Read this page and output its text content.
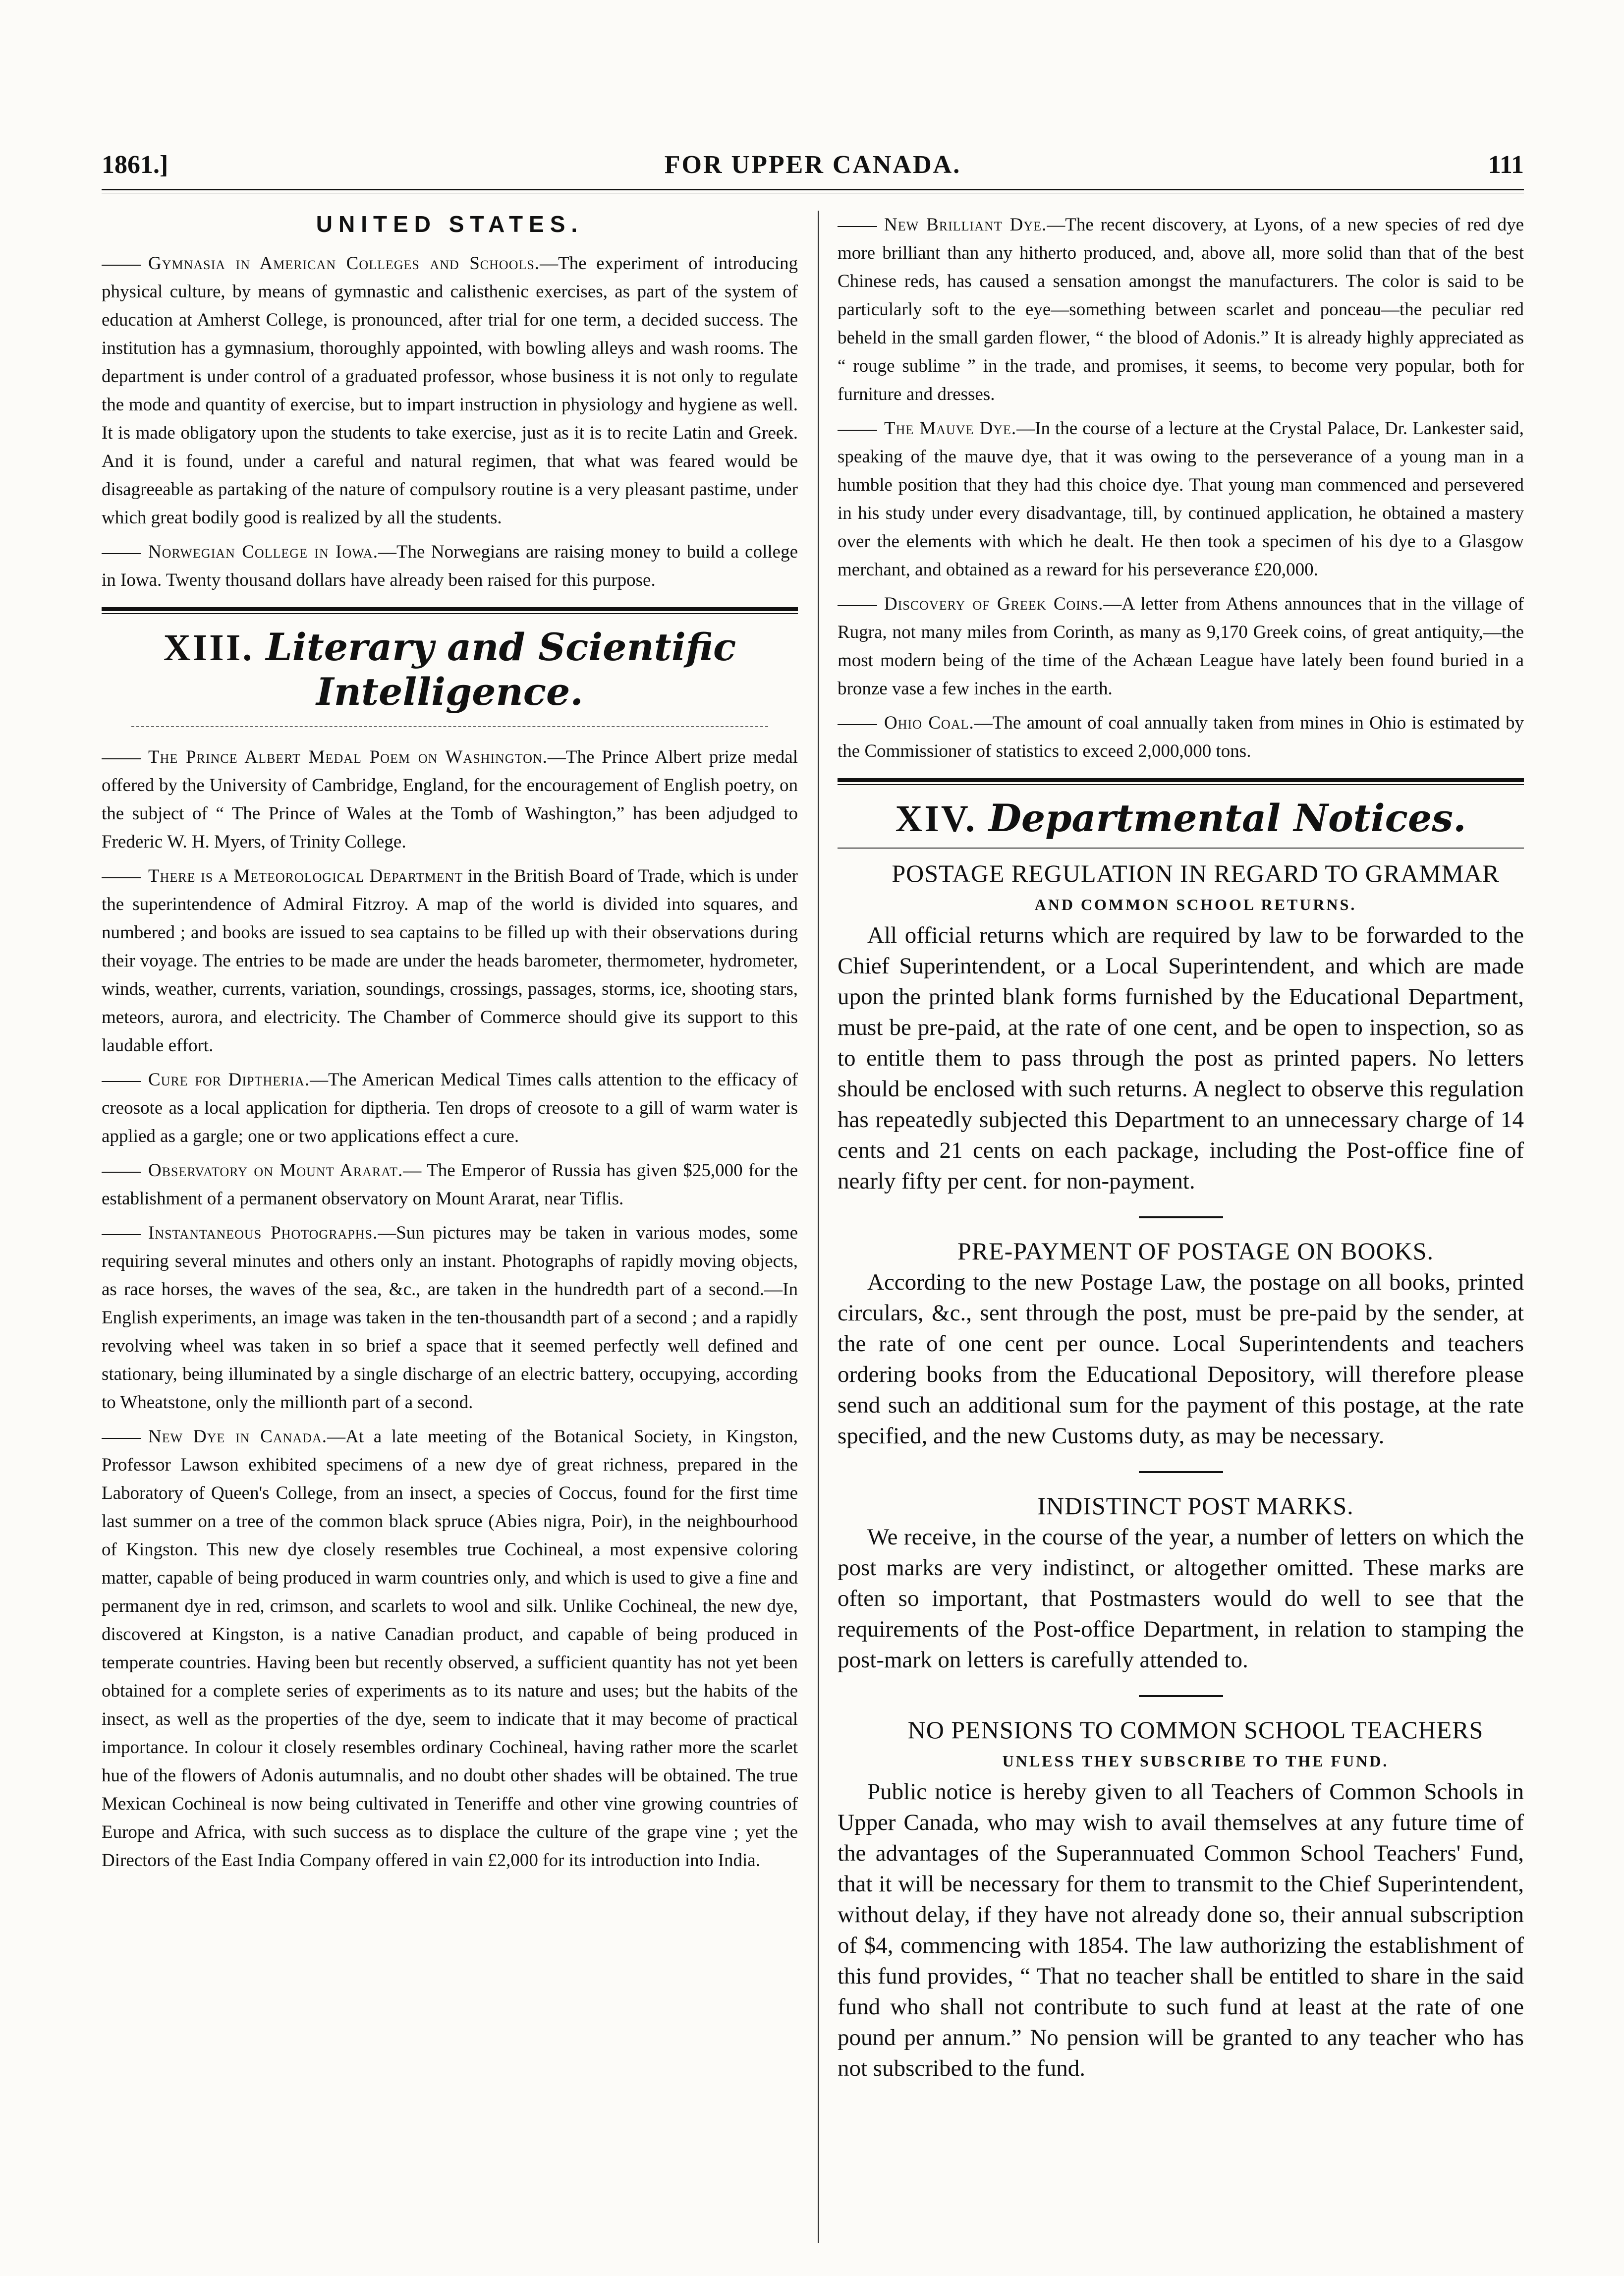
1861.]	FOR UPPER CANADA.	111
UNITED STATES.

Gymnasia in American Colleges and Schools.—The experiment of introducing physical culture, by means of gymnastic and calisthenic exercises, as part of the system of education at Amherst College, is pronounced, after trial for one term, a decided success. The institution has a gymnasium, thoroughly appointed, with bowling alleys and wash rooms. The department is under control of a graduated professor, whose business it is not only to regulate the mode and quantity of exercise, but to impart instruction in physiology and hygiene as well. It is made obligatory upon the students to take exercise, just as it is to recite Latin and Greek. And it is found, under a careful and natural regimen, that what was feared would be disagreeable as partaking of the nature of compulsory routine is a very pleasant pastime, under which great bodily good is realized by all the students.

Norwegian College in Iowa.—The Norwegians are raising money to build a college in Iowa. Twenty thousand dollars have already been raised for this purpose.

XIII. Literary and Scientific Intelligence.

The Prince Albert Medal Poem on Washington.—The Prince Albert prize medal offered by the University of Cambridge, England, for the encouragement of English poetry, on the subject of “ The Prince of Wales at the Tomb of Washington,” has been adjudged to Frederic W. H. Myers, of Trinity College.

There is a Meteorological Department in the British Board of Trade, which is under the superintendence of Admiral Fitzroy. A map of the world is divided into squares, and numbered ; and books are issued to sea captains to be filled up with their observations during their voyage. The entries to be made are under the heads barometer, thermometer, hydrometer, winds, weather, currents, variation, soundings, crossings, passages, storms, ice, shooting stars, meteors, aurora, and electricity. The Chamber of Commerce should give its support to this laudable effort.

Cure for Diptheria.—The American Medical Times calls attention to the efficacy of creosote as a local application for diptheria. Ten drops of creosote to a gill of warm water is applied as a gargle; one or two applications effect a cure.

Observatory on Mount Ararat.— The Emperor of Russia has given $25,000 for the establishment of a permanent observatory on Mount Ararat, near Tiflis.

Instantaneous Photographs.—Sun pictures may be taken in various modes, some requiring several minutes and others only an instant. Photographs of rapidly moving objects, as race horses, the waves of the sea, &c., are taken in the hundredth part of a second.—In English experiments, an image was taken in the ten-thousandth part of a second ; and a rapidly revolving wheel was taken in so brief a space that it seemed perfectly well defined and stationary, being illuminated by a single discharge of an electric battery, occupying, according to Wheatstone, only the millionth part of a second.

New Dye in Canada.—At a late meeting of the Botanical Society, in Kingston, Professor Lawson exhibited specimens of a new dye of great richness, prepared in the Laboratory of Queen's College, from an insect, a species of Coccus, found for the first time last summer on a tree of the common black spruce (Abies nigra, Poir), in the neighbourhood of Kingston. This new dye closely resembles true Cochineal, a most expensive coloring matter, capable of being produced in warm countries only, and which is used to give a fine and permanent dye in red, crimson, and scarlets to wool and silk. Unlike Cochineal, the new dye, discovered at Kingston, is a native Canadian product, and capable of being produced in temperate countries. Having been but recently observed, a sufficient quantity has not yet been obtained for a complete series of experiments as to its nature and uses; but the habits of the insect, as well as the properties of the dye, seem to indicate that it may become of practical importance. In colour it closely resembles ordinary Cochineal, having rather more the scarlet hue of the flowers of Adonis autumnalis, and no doubt other shades will be obtained. The true Mexican Cochineal is now being cultivated in Teneriffe and other vine growing countries of Europe and Africa, with such success as to displace the culture of the grape vine ; yet the Directors of the East India Company offered in vain £2,000 for its introduction into India.

New Brilliant Dye.—The recent discovery, at Lyons, of a new species of red dye more brilliant than any hitherto produced, and, above all, more solid than that of the best Chinese reds, has caused a sensation amongst the manufacturers. The color is said to be particularly soft to the eye—something between scarlet and ponceau—the peculiar red beheld in the small garden flower, “ the blood of Adonis.” It is already highly appreciated as “ rouge sublime ” in the trade, and promises, it seems, to become very popular, both for furniture and dresses.

The Mauve Dye.—In the course of a lecture at the Crystal Palace, Dr. Lankester said, speaking of the mauve dye, that it was owing to the perseverance of a young man in a humble position that they had this choice dye. That young man commenced and persevered in his study under every disadvantage, till, by continued application, he obtained a mastery over the elements with which he dealt. He then took a specimen of his dye to a Glasgow merchant, and obtained as a reward for his perseverance £20,000.

Discovery of Greek Coins.—A letter from Athens announces that in the village of Rugra, not many miles from Corinth, as many as 9,170 Greek coins, of great antiquity,—the most modern being of the time of the Achæan League have lately been found buried in a bronze vase a few inches in the earth.

Ohio Coal.—The amount of coal annually taken from mines in Ohio is estimated by the Commissioner of statistics to exceed 2,000,000 tons.

XIV. Departmental Notices.

POSTAGE REGULATION IN REGARD TO GRAMMAR

AND COMMON SCHOOL RETURNS.

All official returns which are required by law to be forwarded to the Chief Superintendent, or a Local Superintendent, and which are made upon the printed blank forms furnished by the Educational Department, must be pre-paid, at the rate of one cent, and be open to inspection, so as to entitle them to pass through the post as printed papers. No letters should be enclosed with such returns. A neglect to observe this regulation has repeatedly subjected this Department to an unnecessary charge of 14 cents and 21 cents on each package, including the Post-office fine of nearly fifty per cent. for non-payment.

PRE-PAYMENT OF POSTAGE ON BOOKS.

According to the new Postage Law, the postage on all books, printed circulars, &c., sent through the post, must be pre-paid by the sender, at the rate of one cent per ounce. Local Superintendents and teachers ordering books from the Educational Depository, will therefore please send such an additional sum for the payment of this postage, at the rate specified, and the new Customs duty, as may be necessary.

INDISTINCT POST MARKS.

We receive, in the course of the year, a number of letters on which the post marks are very indistinct, or altogether omitted. These marks are often so important, that Postmasters would do well to see that the requirements of the Post-office Department, in relation to stamping the post-mark on letters is carefully attended to.

NO PENSIONS TO COMMON SCHOOL TEACHERS

UNLESS THEY SUBSCRIBE TO THE FUND.

Public notice is hereby given to all Teachers of Common Schools in Upper Canada, who may wish to avail themselves at any future time of the advantages of the Superannuated Common School Teachers' Fund, that it will be necessary for them to transmit to the Chief Superintendent, without delay, if they have not already done so, their annual subscription of $4, commencing with 1854. The law authorizing the establishment of this fund provides, “ That no teacher shall be entitled to share in the said fund who shall not contribute to such fund at least at the rate of one pound per annum.” No pension will be granted to any teacher who has not subscribed to the fund.
